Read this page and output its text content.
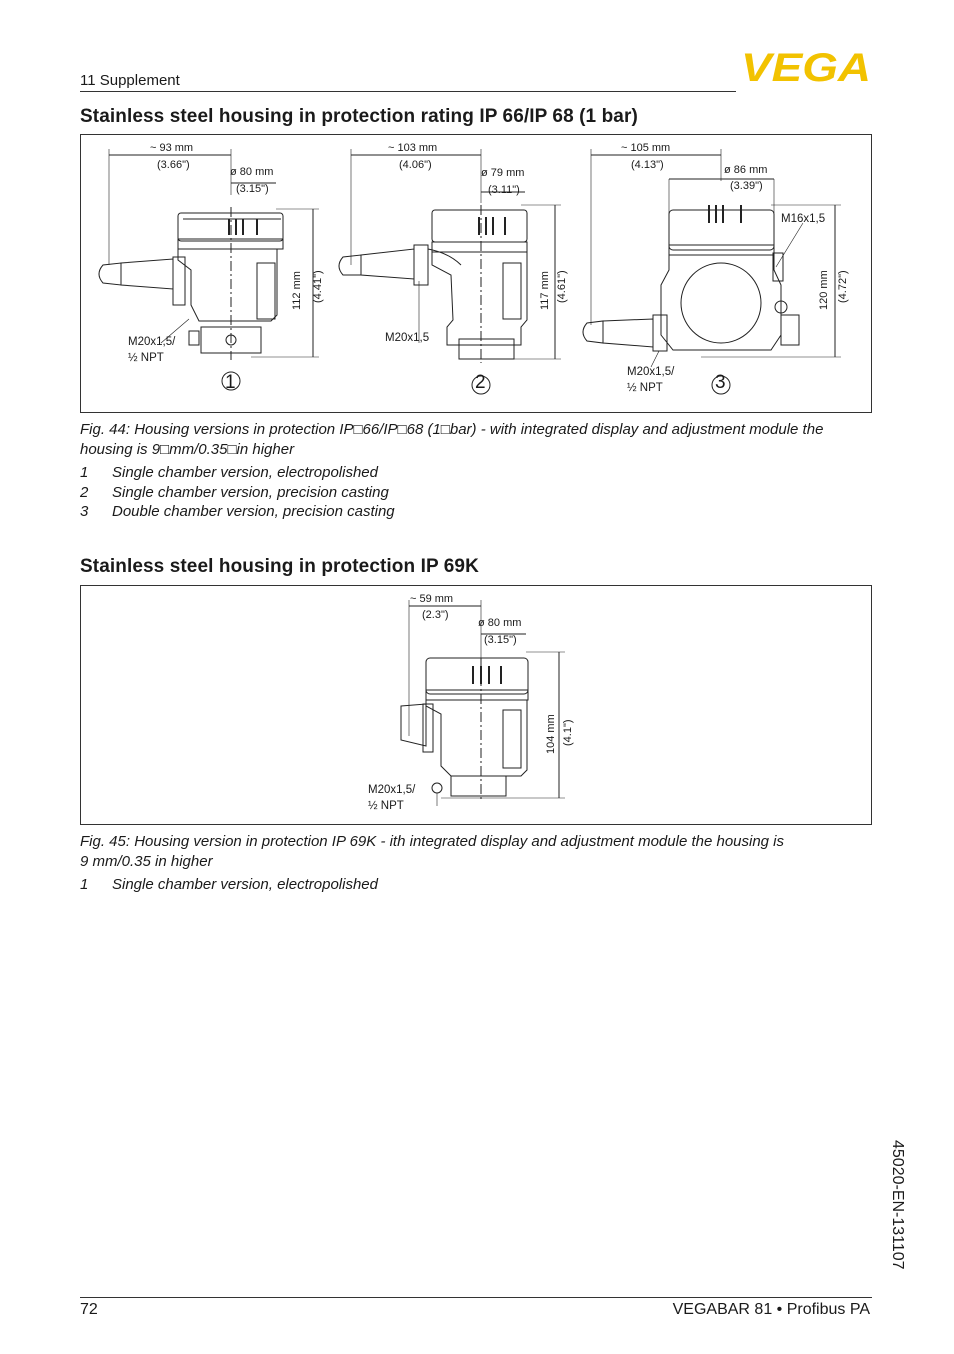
11 Supplement	VEGA
Stainless steel housing in protection rating IP 66/IP 68 (1 bar)
~ 93 mm
(3.66")
ø 80 mm
(3.15")
112 mm (4.41")
M20x1,5/
½ NPT
1
~ 103 mm
(4.06")
ø 79 mm
(3.11")
117 mm (4.61")
M20x1,5
2
~ 105 mm
(4.13")	ø 86 mm
(3.39")
M16x1,5
120 mm (4.72")
M20x1,5/
½ NPT	3
Fig. 44: Housing versions in protection IP□66/IP□68 (1□bar) - with integrated display and adjustment module the
housing is 9□mm/0.35□in higher
1 Single chamber version, electropolished
2 Single chamber version, precision casting
3 Double chamber version, precision casting
Stainless steel housing in protection IP 69K
~ 59 mm
(2.3")
ø 80 mm
(3.15")
104 mm (4.1")
M20x1,5/
½ NPT
Fig. 45: Housing version in protection IP 69K - ith integrated display and adjustment module the housing is
9 mm/0.35 in higher
1 Single chamber version, electropolished
45020-EN-131107
72	VEGABAR 81 • Profibus PA
